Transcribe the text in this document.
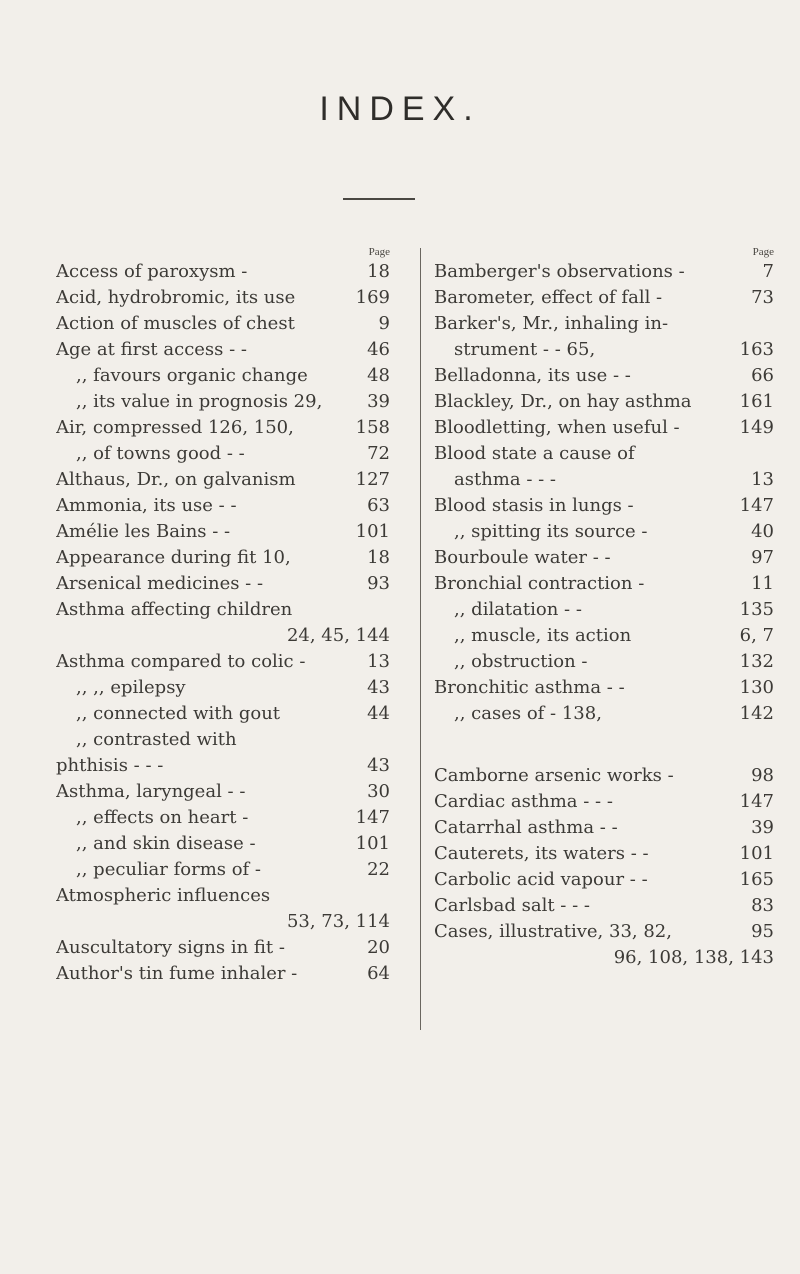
INDEX.
Page
Access of paroxysm -	18
Acid, hydrobromic, its use	169
Action of muscles of chest	9
Age at first access - -	46
,, favours organic change	48
,, its value in prognosis 29,	39
Air, compressed 126, 150,	158
,, of towns good - -	72
Althaus, Dr., on galvanism	127
Ammonia, its use - -	63
Amélie les Bains - -	101
Appearance during fit 10,	18
Arsenical medicines - -	93
Asthma affecting children
24, 45, 144
Asthma compared to colic -	13
,, ,, epilepsy	43
,, connected with gout	44
,, contrasted with
phthisis - - -	43
Asthma, laryngeal - -	30
,, effects on heart -	147
,, and skin disease -	101
,, peculiar forms of -	22
Atmospheric influences
53, 73, 114
Auscultatory signs in fit -	20
Author's tin fume inhaler -	64
Page
Bamberger's observations -	7
Barometer, effect of fall -	73
Barker's, Mr., inhaling in-
strument - - 65,	163
Belladonna, its use - -	66
Blackley, Dr., on hay asthma	161
Bloodletting, when useful -	149
Blood state a cause of
asthma - - -	13
Blood stasis in lungs -	147
,, spitting its source -	40
Bourboule water - -	97
Bronchial contraction -	11
,, dilatation - -	135
,, muscle, its action	6, 7
,, obstruction -	132
Bronchitic asthma - -	130
,, cases of - 138,	142
Camborne arsenic works -	98
Cardiac asthma - - -	147
Catarrhal asthma - -	39
Cauterets, its waters - -	101
Carbolic acid vapour - -	165
Carlsbad salt - - -	83
Cases, illustrative, 33, 82,	95
96, 108, 138, 143
